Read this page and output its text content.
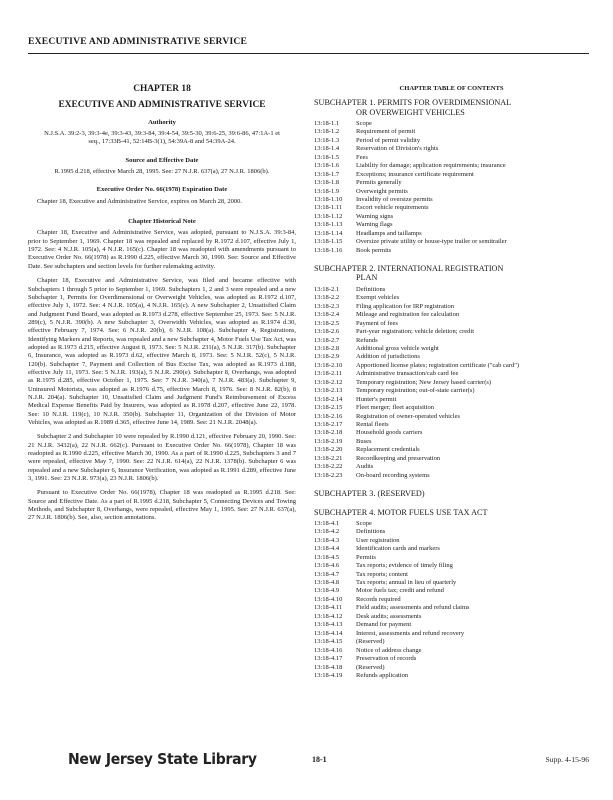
EXECUTIVE AND ADMINISTRATIVE SERVICE
CHAPTER 18
EXECUTIVE AND ADMINISTRATIVE SERVICE
Authority
N.J.S.A. 39:2-3, 39:3-4e, 39:3-43, 39:3-84, 39:4-54, 39:5-30, 39:6-25, 39:6-86, 47:1A-1 et seq., 17:33B-41, 52:14B-3(1), 54:39A-8 and 54:39A-24.
Source and Effective Date
R.1995 d.218, effective March 28, 1995. See: 27 N.J.R. 637(a), 27 N.J.R. 1806(b).
Executive Order No. 66(1978) Expiration Date

Chapter 18, Executive and Administrative Service, expires on March 28, 2000.

Chapter Historical Note

Chapter 18, Executive and Administrative Service, was adopted, pursuant to N.J.S.A. 39:3-84, prior to September 1, 1969. Chapter 18 was repealed and replaced by R.1972 d.107, effective July 1, 1972. See: 4 N.J.R. 105(a), 4 N.J.R. 165(c). Chapter 18 was readopted with amendments pursuant to Executive Order No. 66(1978) as R.1990 d.225, effective March 30, 1990. See: Source and Effective Date. See subchapters and section levels for further rulemaking activity.

Chapter 18, Executive and Administrative Service, was filed and became effective with Subchapters 1 through 5 prior to September 1, 1969. Subchapters 1, 2 and 3 were repealed and a new Subchapter 1, Permits for Overdimensional or Overweight Vehicles, was adopted as R.1972 d.107, effective July 1, 1972. See: 4 N.J.R. 105(a), 4 N.J.R. 165(c). A new Subchapter 2, Unsatisfied Claim and Judgment Fund Board, was adopted as R.1973 d.278, effective September 25, 1973. See: 5 N.J.R. 289(c), 5 N.J.R. 390(b). A new Subchapter 3, Overwidth Vehicles, was adopted as R.1974 d.30, effective February 7, 1974. See: 6 N.J.R. 20(b), 6 N.J.R. 108(a). Subchapter 4, Registrations, Identifying Markers and Reports, was repealed and a new Subchapter 4, Motor Fuels Use Tax Act, was adopted as R.1973 d.215, effective August 8, 1973. See: 5 N.J.R. 231(a), 5 N.J.R. 317(b). Subchapter 6, Insurance, was adopted as R.1973 d.62, effective March 8, 1973. See: 5 N.J.R. 52(c), 5 N.J.R. 120(b). Subchapter 7, Payment and Collection of Bus Excise Tax, was adopted as R.1973 d.188, effective July 11, 1973. See: 5 N.J.R. 193(a), 5 N.J.R. 290(e). Subchapter 8, Overhangs, was adopted as R.1975 d.285, effective October 1, 1975. See: 7 N.J.R. 340(a), 7 N.J.R. 483(a). Subchapter 9, Uninsured Motorists, was adopted as R.1976 d.75, effective March 8, 1976. See: 8 N.J.R. 82(b), 8 N.J.R. 204(a). Subchapter 10, Unsatisfied Claim and Judgment Fund's Reimbursement of Excess Medical Expense Benefits Paid by Insurers, was adopted as R.1978 d.207, effective June 22, 1978. See: 10 N.J.R. 119(c), 10 N.J.R. 350(b). Subchapter 11, Organization of the Division of Motor Vehicles, was adopted as R.1989 d.365, effective June 14, 1989. See: 21 N.J.R. 2048(a).

Subchapter 2 and Subchapter 10 were repealed by R.1990 d.121, effective February 20, 1990. See: 21 N.J.R. 3432(a), 22 N.J.R. 662(c). Pursuant to Executive Order No. 66(1978), Chapter 18 was readopted as R.1990 d.225, effective March 30, 1990. As a part of R.1990 d.225, Subchapters 3 and 7 were repealed, effective May 7, 1990. See: 22 N.J.R. 614(a), 22 N.J.R. 1378(b). Subchapter 6 was repealed and a new Subchapter 6, Insurance Verification, was adopted as R.1991 d.289, effective June 3, 1991. See: 23 N.J.R. 973(a), 23 N.J.R. 1806(b).

Pursuant to Executive Order No. 66(1978), Chapter 18 was readopted as R.1995 d.218. See: Source and Effective Date. As a part of R.1995 d.218, Subchapter 5, Connecting Devices and Towing Methods, and Subchapter 8, Overhangs, were repealed, effective May 1, 1995. See: 27 N.J.R. 637(a), 27 N.J.R. 1806(b). See, also, section annotations.

CHAPTER TABLE OF CONTENTS
SUBCHAPTER 1. PERMITS FOR OVERDIMENSIONAL
OR OVERWEIGHT VEHICLES
13:18-1.1	Scope
13:18-1.2	Requirement of permit
13:18-1.3	Period of permit validity
13:18-1.4	Reservation of Division's rights
13:18-1.5	Fees
13:18-1.6	Liability for damage; application requirements; insurance
13:18-1.7	Exceptions; insurance certificate requirement
13:18-1.8	Permits generally
13:18-1.9	Overweight permits
13:18-1.10	Invalidity of oversize permits
13:18-1.11	Escort vehicle requirements
13:18-1.12	Warning signs
13:18-1.13	Warning flags
13:18-1.14	Headlamps and taillamps
13:18-1.15	Oversize private utility or house-type trailer or semitrailer
13:18-1.16	Book permits
SUBCHAPTER 2. INTERNATIONAL REGISTRATION
PLAN
13:18-2.1	Definitions
13:18-2.2	Exempt vehicles
13:18-2.3	Filing application for IRP registration
13:18-2.4	Mileage and registration fee calculation
13:18-2.5	Payment of fees
13:18-2.6	Part-year registration; vehicle deletion; credit
13:18-2.7	Refunds
13:18-2.8	Additional gross vehicle weight
13:18-2.9	Addition of jurisdictions
13:18-2.10	Apportioned license plates; registration certificate ("cab card")
13:18-2.11	Administrative transaction/cab card fee
13:18-2.12	Temporary registration; New Jersey based carrier(s)
13:18-2.13	Temporary registration; out-of-state carrier(s)
13:18-2.14	Hunter's permit
13:18-2.15	Fleet merger; fleet acquisition
13:18-2.16	Registration of owner-operated vehicles
13:18-2.17	Rental fleets
13:18-2.18	Household goods carriers
13:18-2.19	Buses
13:18-2.20	Replacement credentials
13:18-2.21	Recordkeeping and preservation
13:18-2.22	Audits
13:18-2.23	On-board recording systems
SUBCHAPTER 3. (RESERVED)
SUBCHAPTER 4. MOTOR FUELS USE TAX ACT
13:18-4.1	Scope
13:18-4.2	Definitions
13:18-4.3	User registration
13:18-4.4	Identification cards and markers
13:18-4.5	Permits
13:18-4.6	Tax reports; evidence of timely filing
13:18-4.7	Tax reports; content
13:18-4.8	Tax reports; annual in lieu of quarterly
13:18-4.9	Motor fuels tax; credit and refund
13:18-4.10	Records required
13:18-4.11	Field audits; assessments and refund claims
13:18-4.12	Desk audits; assessments
13:18-4.13	Demand for payment
13:18-4.14	Interest, assessments and refund recovery
13:18-4.15	(Reserved)
13:18-4.16	Notice of address change
13:18-4.17	Preservation of records
13:18-4.18	(Reserved)
13:18-4.19	Refunds application
New Jersey State Library	18-1	Supp. 4-15-96
